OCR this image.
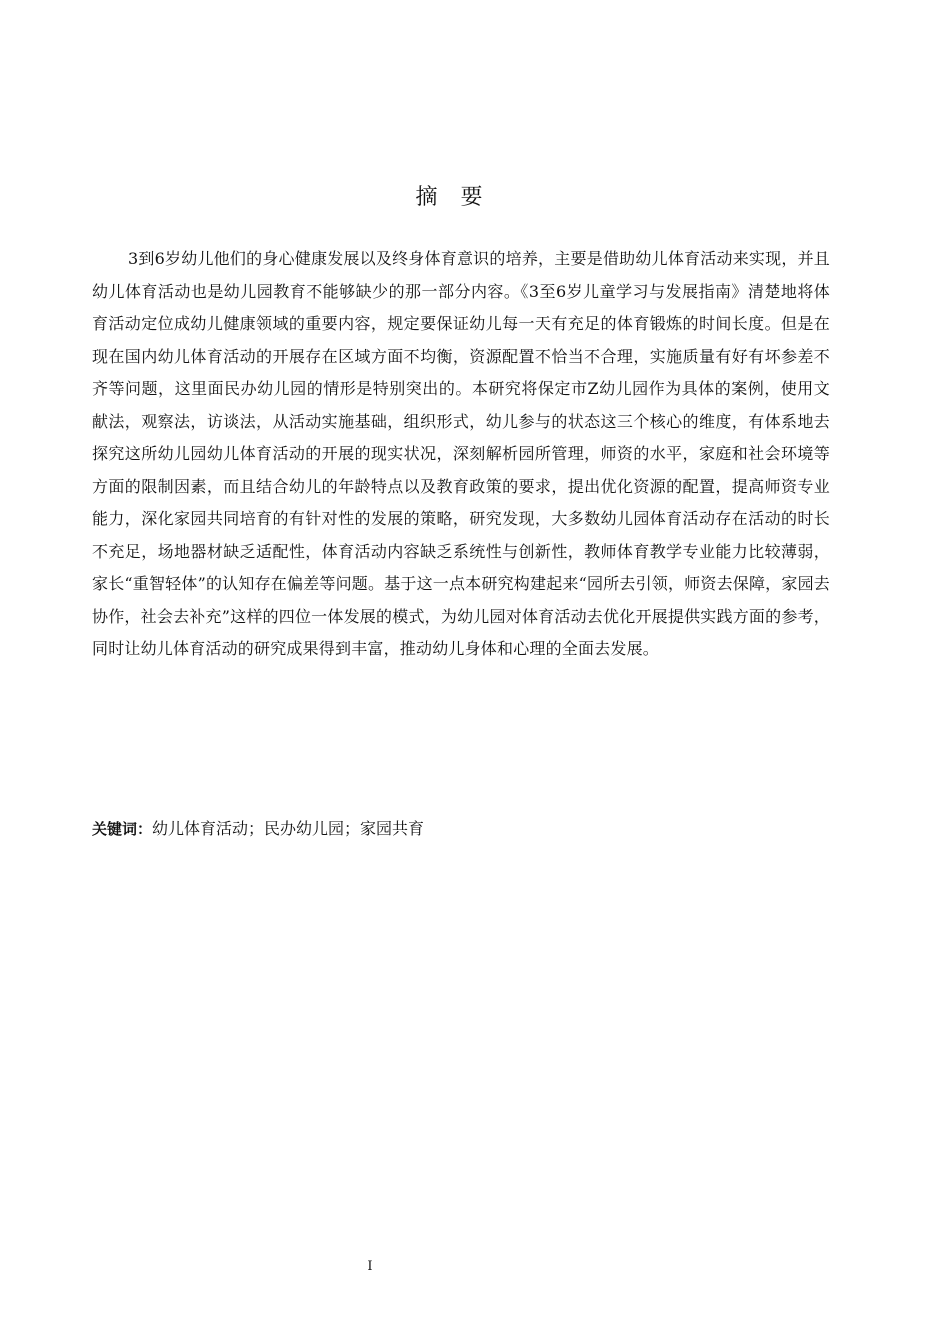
摘 要

3到6岁幼儿他们的身心健康发展以及终身体育意识的培养，主要是借助幼儿体育活动来实现，并且幼儿体育活动也是幼儿园教育不能够缺少的那一部分内容。《3至6岁儿童学习与发展指南》清楚地将体育活动定位成幼儿健康领域的重要内容，规定要保证幼儿每一天有充足的体育锻炼的时间长度。但是在现在国内幼儿体育活动的开展存在区域方面不均衡，资源配置不恰当不合理，实施质量有好有坏参差不齐等问题，这里面民办幼儿园的情形是特别突出的。本研究将保定市Z幼儿园作为具体的案例，使用文献法，观察法，访谈法，从活动实施基础，组织形式，幼儿参与的状态这三个核心的维度，有体系地去探究这所幼儿园幼儿体育活动的开展的现实状况，深刻解析园所管理，师资的水平，家庭和社会环境等方面的限制因素，而且结合幼儿的年龄特点以及教育政策的要求，提出优化资源的配置，提高师资专业能力，深化家园共同培育的有针对性的发展的策略，研究发现，大多数幼儿园体育活动存在活动的时长不充足，场地器材缺乏适配性，体育活动内容缺乏系统性与创新性，教师体育教学专业能力比较薄弱，家长“重智轻体”的认知存在偏差等问题。基于这一点本研究构建起来“园所去引领，师资去保障，家园去协作，社会去补充”这样的四位一体发展的模式，为幼儿园对体育活动去优化开展提供实践方面的参考，同时让幼儿体育活动的研究成果得到丰富，推动幼儿身体和心理的全面去发展。

关键词：幼儿体育活动；民办幼儿园；家园共育
I
